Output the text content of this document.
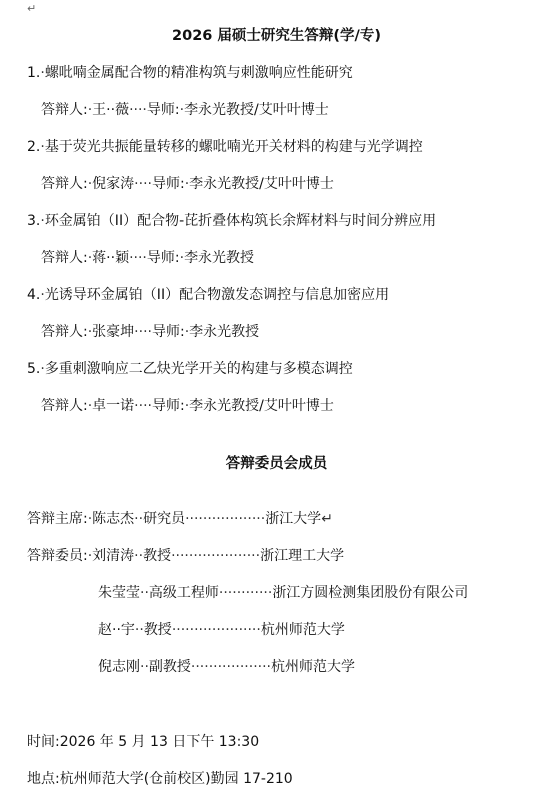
↵
2026 届硕士研究生答辩(学/专)
1.·螺吡喃金属配合物的精准构筑与刺激响应性能研究
答辩人:·王··薇····导师:·李永光教授/艾叶叶博士
2.·基于荧光共振能量转移的螺吡喃光开关材料的构建与光学调控
答辩人:·倪家涛····导师:·李永光教授/艾叶叶博士
3.·环金属铂（II）配合物-芘折叠体构筑长余辉材料与时间分辨应用
答辩人:·蒋··颖····导师:·李永光教授
4.·光诱导环金属铂（II）配合物激发态调控与信息加密应用
答辩人:·张豪坤····导师:·李永光教授
5.·多重刺激响应二乙炔光学开关的构建与多模态调控
答辩人:·卓一诺····导师:·李永光教授/艾叶叶博士
答辩委员会成员
答辩主席:·陈志杰··研究员··················浙江大学↵
答辩委员:·刘清涛··教授····················浙江理工大学
朱莹莹··高级工程师············浙江方圆检测集团股份有限公司
赵··宇··教授····················杭州师范大学
倪志刚··副教授··················杭州师范大学
时间:2026 年 5 月 13 日下午 13:30
地点:杭州师范大学(仓前校区)勤园 17-210
